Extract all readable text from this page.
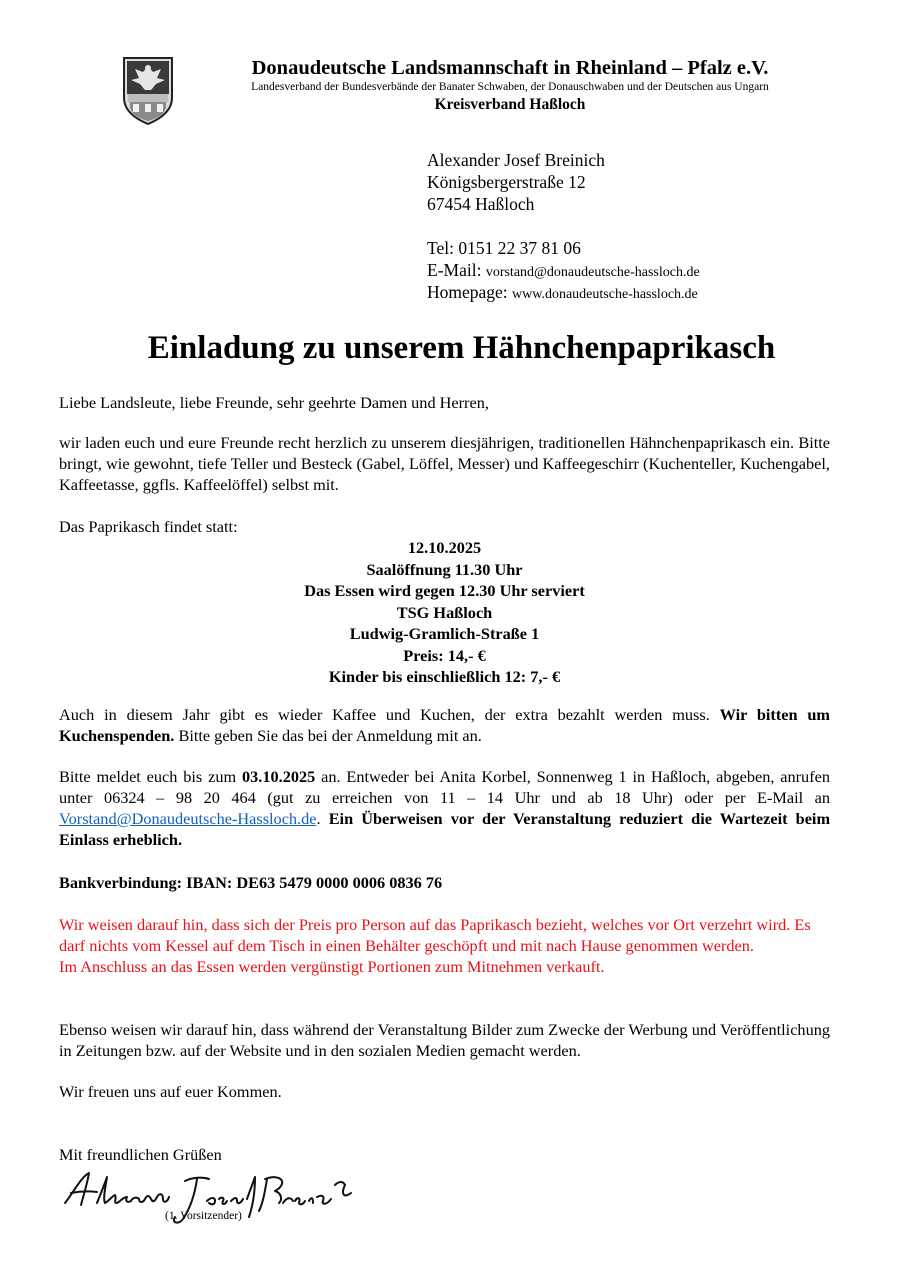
Donaudeutsche Landsmannschaft in Rheinland – Pfalz e.V.
Landesverband der Bundesverbände der Banater Schwaben, der Donauschwaben und der Deutschen aus Ungarn
Kreisverband Haßloch
Alexander Josef Breinich
Königsbergerstraße 12
67454 Haßloch
Tel: 0151 22 37 81 06
E-Mail: vorstand@donaudeutsche-hassloch.de
Homepage: www.donaudeutsche-hassloch.de
Einladung zu unserem Hähnchenpaprikasch
Liebe Landsleute, liebe Freunde, sehr geehrte Damen und Herren,
wir laden euch und eure Freunde recht herzlich zu unserem diesjährigen, traditionellen Hähnchenpaprikasch ein. Bitte bringt, wie gewohnt, tiefe Teller und Besteck (Gabel, Löffel, Messer) und Kaffeegeschirr (Kuchenteller, Kuchengabel, Kaffeetasse, ggfls. Kaffeelöffel) selbst mit.
Das Paprikasch findet statt:
12.10.2025
Saalöffnung 11.30 Uhr
Das Essen wird gegen 12.30 Uhr serviert
TSG Haßloch
Ludwig-Gramlich-Straße 1
Preis: 14,- €
Kinder bis einschließlich 12: 7,- €
Auch in diesem Jahr gibt es wieder Kaffee und Kuchen, der extra bezahlt werden muss. Wir bitten um Kuchenspenden. Bitte geben Sie das bei der Anmeldung mit an.
Bitte meldet euch bis zum 03.10.2025 an. Entweder bei Anita Korbel, Sonnenweg 1 in Haßloch, abgeben, anrufen unter 06324 – 98 20 464 (gut zu erreichen von 11 – 14 Uhr und ab 18 Uhr) oder per E-Mail an Vorstand@Donaudeutsche-Hassloch.de. Ein Überweisen vor der Veranstaltung reduziert die Wartezeit beim Einlass erheblich.
Bankverbindung: IBAN: DE63 5479 0000 0006 0836 76
Wir weisen darauf hin, dass sich der Preis pro Person auf das Paprikasch bezieht, welches vor Ort verzehrt wird. Es darf nichts vom Kessel auf dem Tisch in einen Behälter geschöpft und mit nach Hause genommen werden.
Im Anschluss an das Essen werden vergünstigt Portionen zum Mitnehmen verkauft.
Ebenso weisen wir darauf hin, dass während der Veranstaltung Bilder zum Zwecke der Werbung und Veröffentlichung in Zeitungen bzw. auf der Website und in den sozialen Medien gemacht werden.
Wir freuen uns auf euer Kommen.
Mit freundlichen Grüßen
(1. Vorsitzender)
